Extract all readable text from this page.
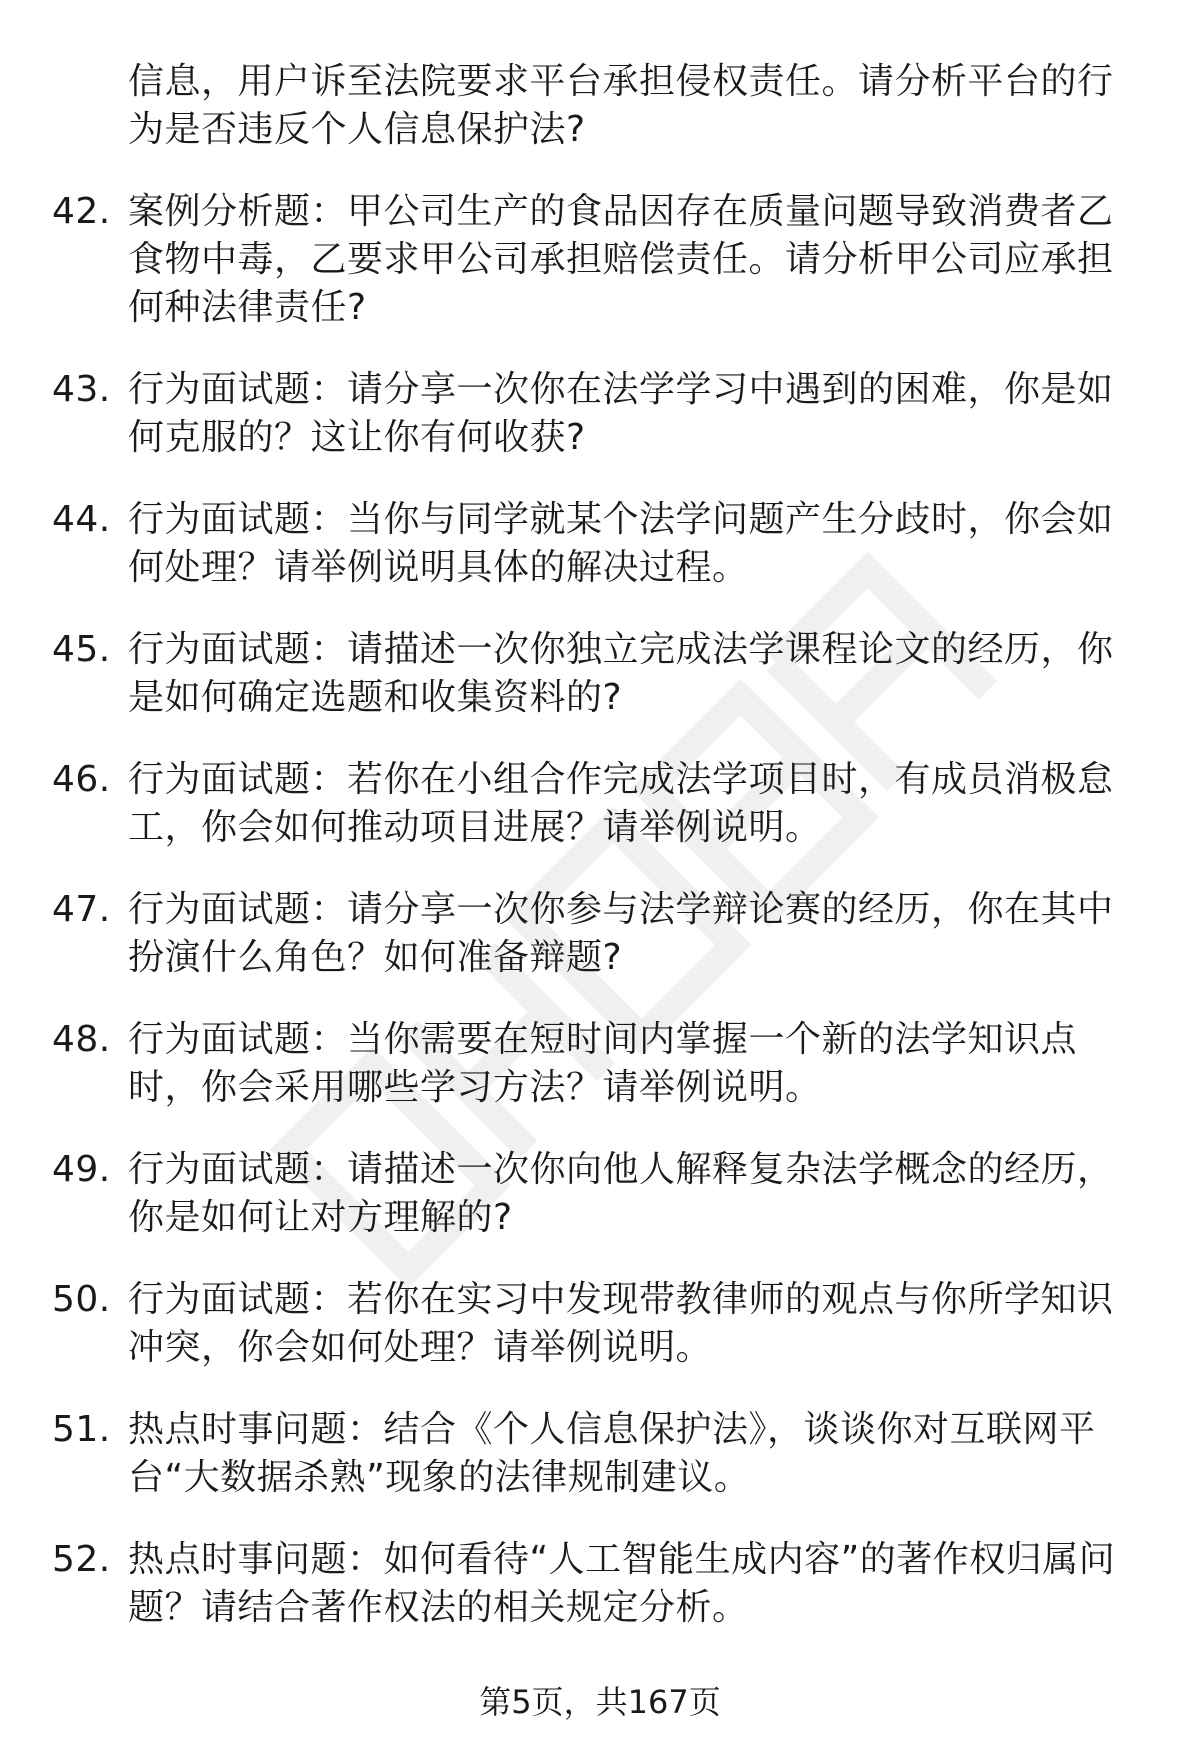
信息，用户诉至法院要求平台承担侵权责任。请分析平台的行为是否违反个人信息保护法?

42. 案例分析题：甲公司生产的食品因存在质量问题导致消费者乙食物中毒，乙要求甲公司承担赔偿责任。请分析甲公司应承担何种法律责任?

43. 行为面试题：请分享一次你在法学学习中遇到的困难，你是如何克服的？这让你有何收获?

44. 行为面试题：当你与同学就某个法学问题产生分歧时，你会如何处理？请举例说明具体的解决过程。

45. 行为面试题：请描述一次你独立完成法学课程论文的经历，你是如何确定选题和收集资料的?

46. 行为面试题：若你在小组合作完成法学项目时，有成员消极怠工，你会如何推动项目进展？请举例说明。

47. 行为面试题：请分享一次你参与法学辩论赛的经历，你在其中扮演什么角色？如何准备辩题?

48. 行为面试题：当你需要在短时间内掌握一个新的法学知识点时，你会采用哪些学习方法？请举例说明。

49. 行为面试题：请描述一次你向他人解释复杂法学概念的经历，你是如何让对方理解的?

50. 行为面试题：若你在实习中发现带教律师的观点与你所学知识冲突，你会如何处理？请举例说明。

51. 热点时事问题：结合《个人信息保护法》，谈谈你对互联网平台“大数据杀熟”现象的法律规制建议。

52. 热点时事问题：如何看待“人工智能生成内容”的著作权归属问题？请结合著作权法的相关规定分析。

第5页，共167页
